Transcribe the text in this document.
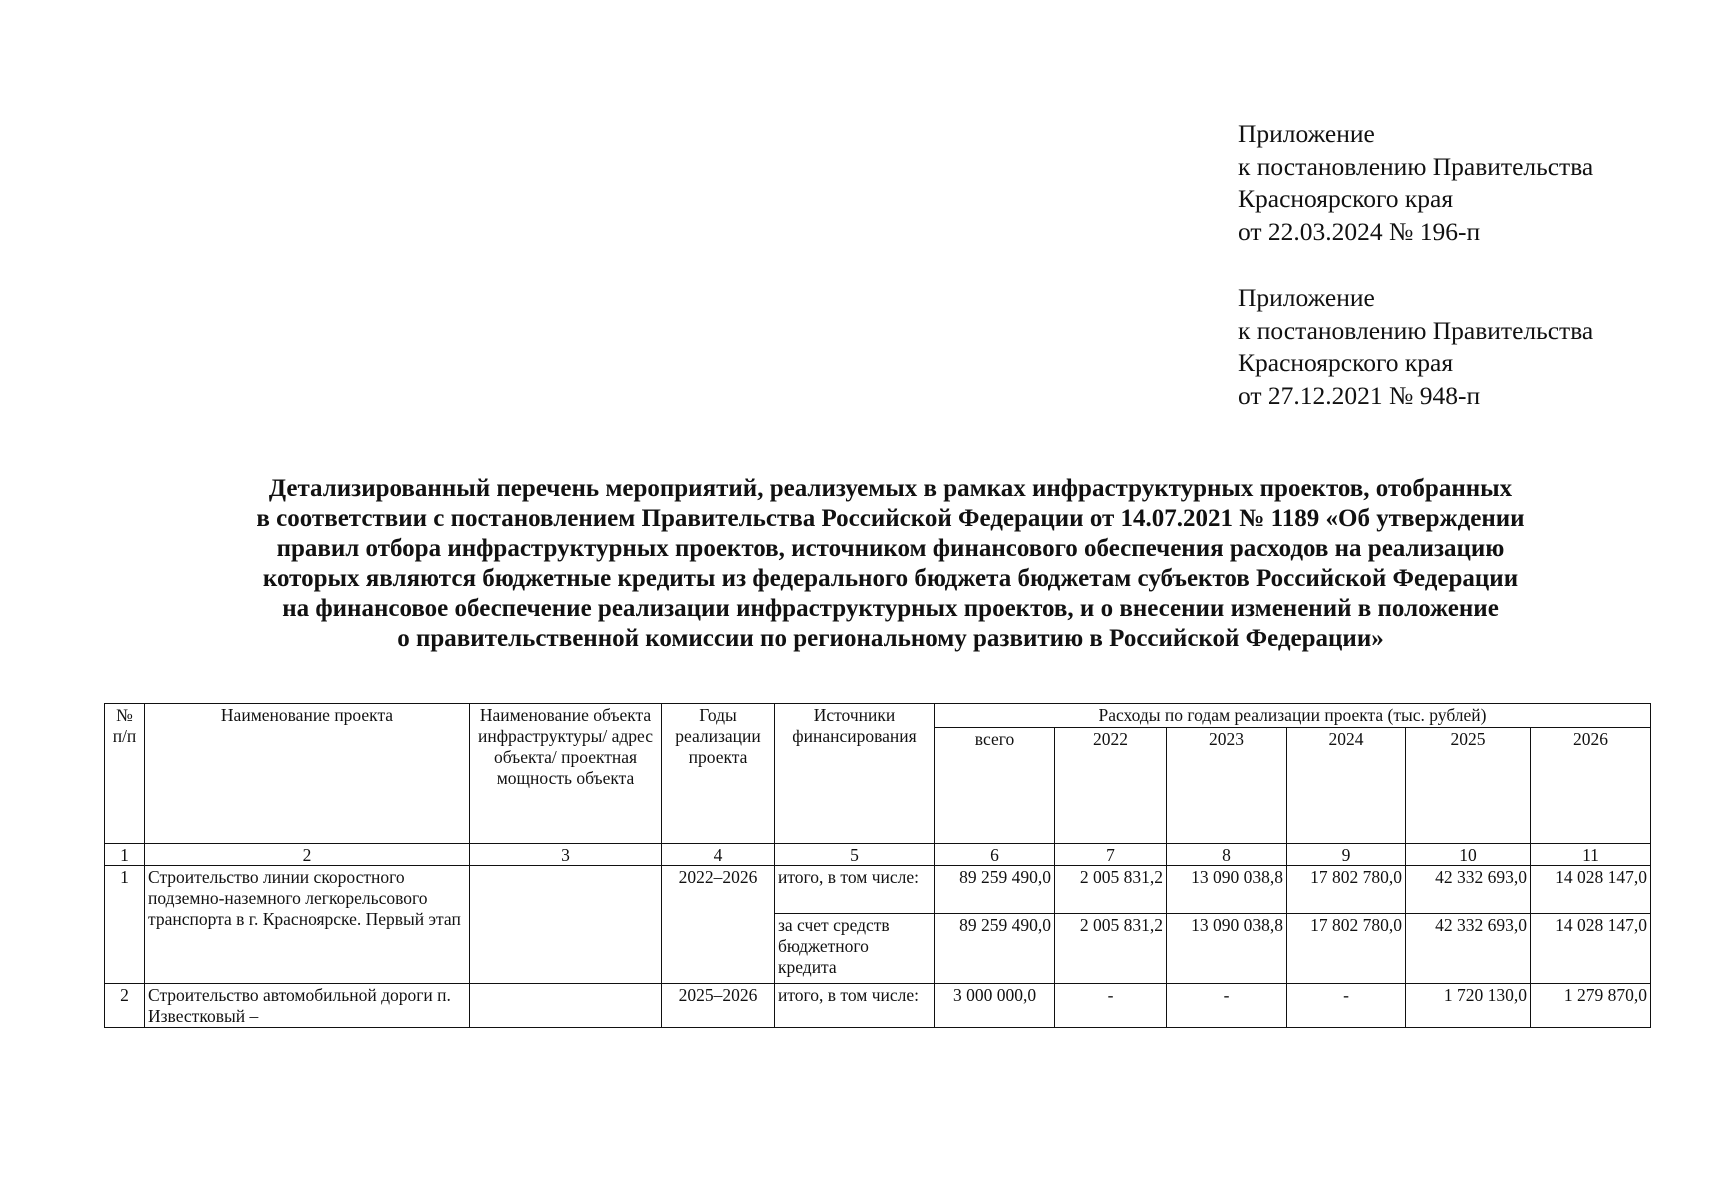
Приложение
к постановлению Правительства
Красноярского края
от 22.03.2024 № 196-п
Приложение
к постановлению Правительства
Красноярского края
от 27.12.2021 № 948-п
Детализированный перечень мероприятий, реализуемых в рамках инфраструктурных проектов, отобранных
в соответствии с постановлением Правительства Российской Федерации от 14.07.2021 № 1189 «Об утверждении
правил отбора инфраструктурных проектов, источником финансового обеспечения расходов на реализацию
которых являются бюджетные кредиты из федерального бюджета бюджетам субъектов Российской Федерации
на финансовое обеспечение реализации инфраструктурных проектов, и о внесении изменений в положение
о правительственной комиссии по региональному развитию в Российской Федерации»
№ п/п	Наименование проекта	Наименование объекта инфраструктуры/ адрес объекта/ проектная мощность объекта	Годы реализации проекта	Источники финансирования	Расходы по годам реализации проекта (тыс. рублей)					
					всего	2022	2023	2024	2025	2026
1	2	3	4	5	6	7	8	9	10	11
1	Строительство линии скоростного подземно-наземного легкорельсового транспорта в г. Красноярске. Первый этап		2022–2026	итого, в том числе:	89 259 490,0	2 005 831,2	13 090 038,8	17 802 780,0	42 332 693,0	14 028 147,0
				за счет средств бюджетного кредита	89 259 490,0	2 005 831,2	13 090 038,8	17 802 780,0	42 332 693,0	14 028 147,0
2	Строительство автомобильной дороги п. Известковый –		2025–2026	итого, в том числе:	3 000 000,0	-	-	-	1 720 130,0	1 279 870,0
